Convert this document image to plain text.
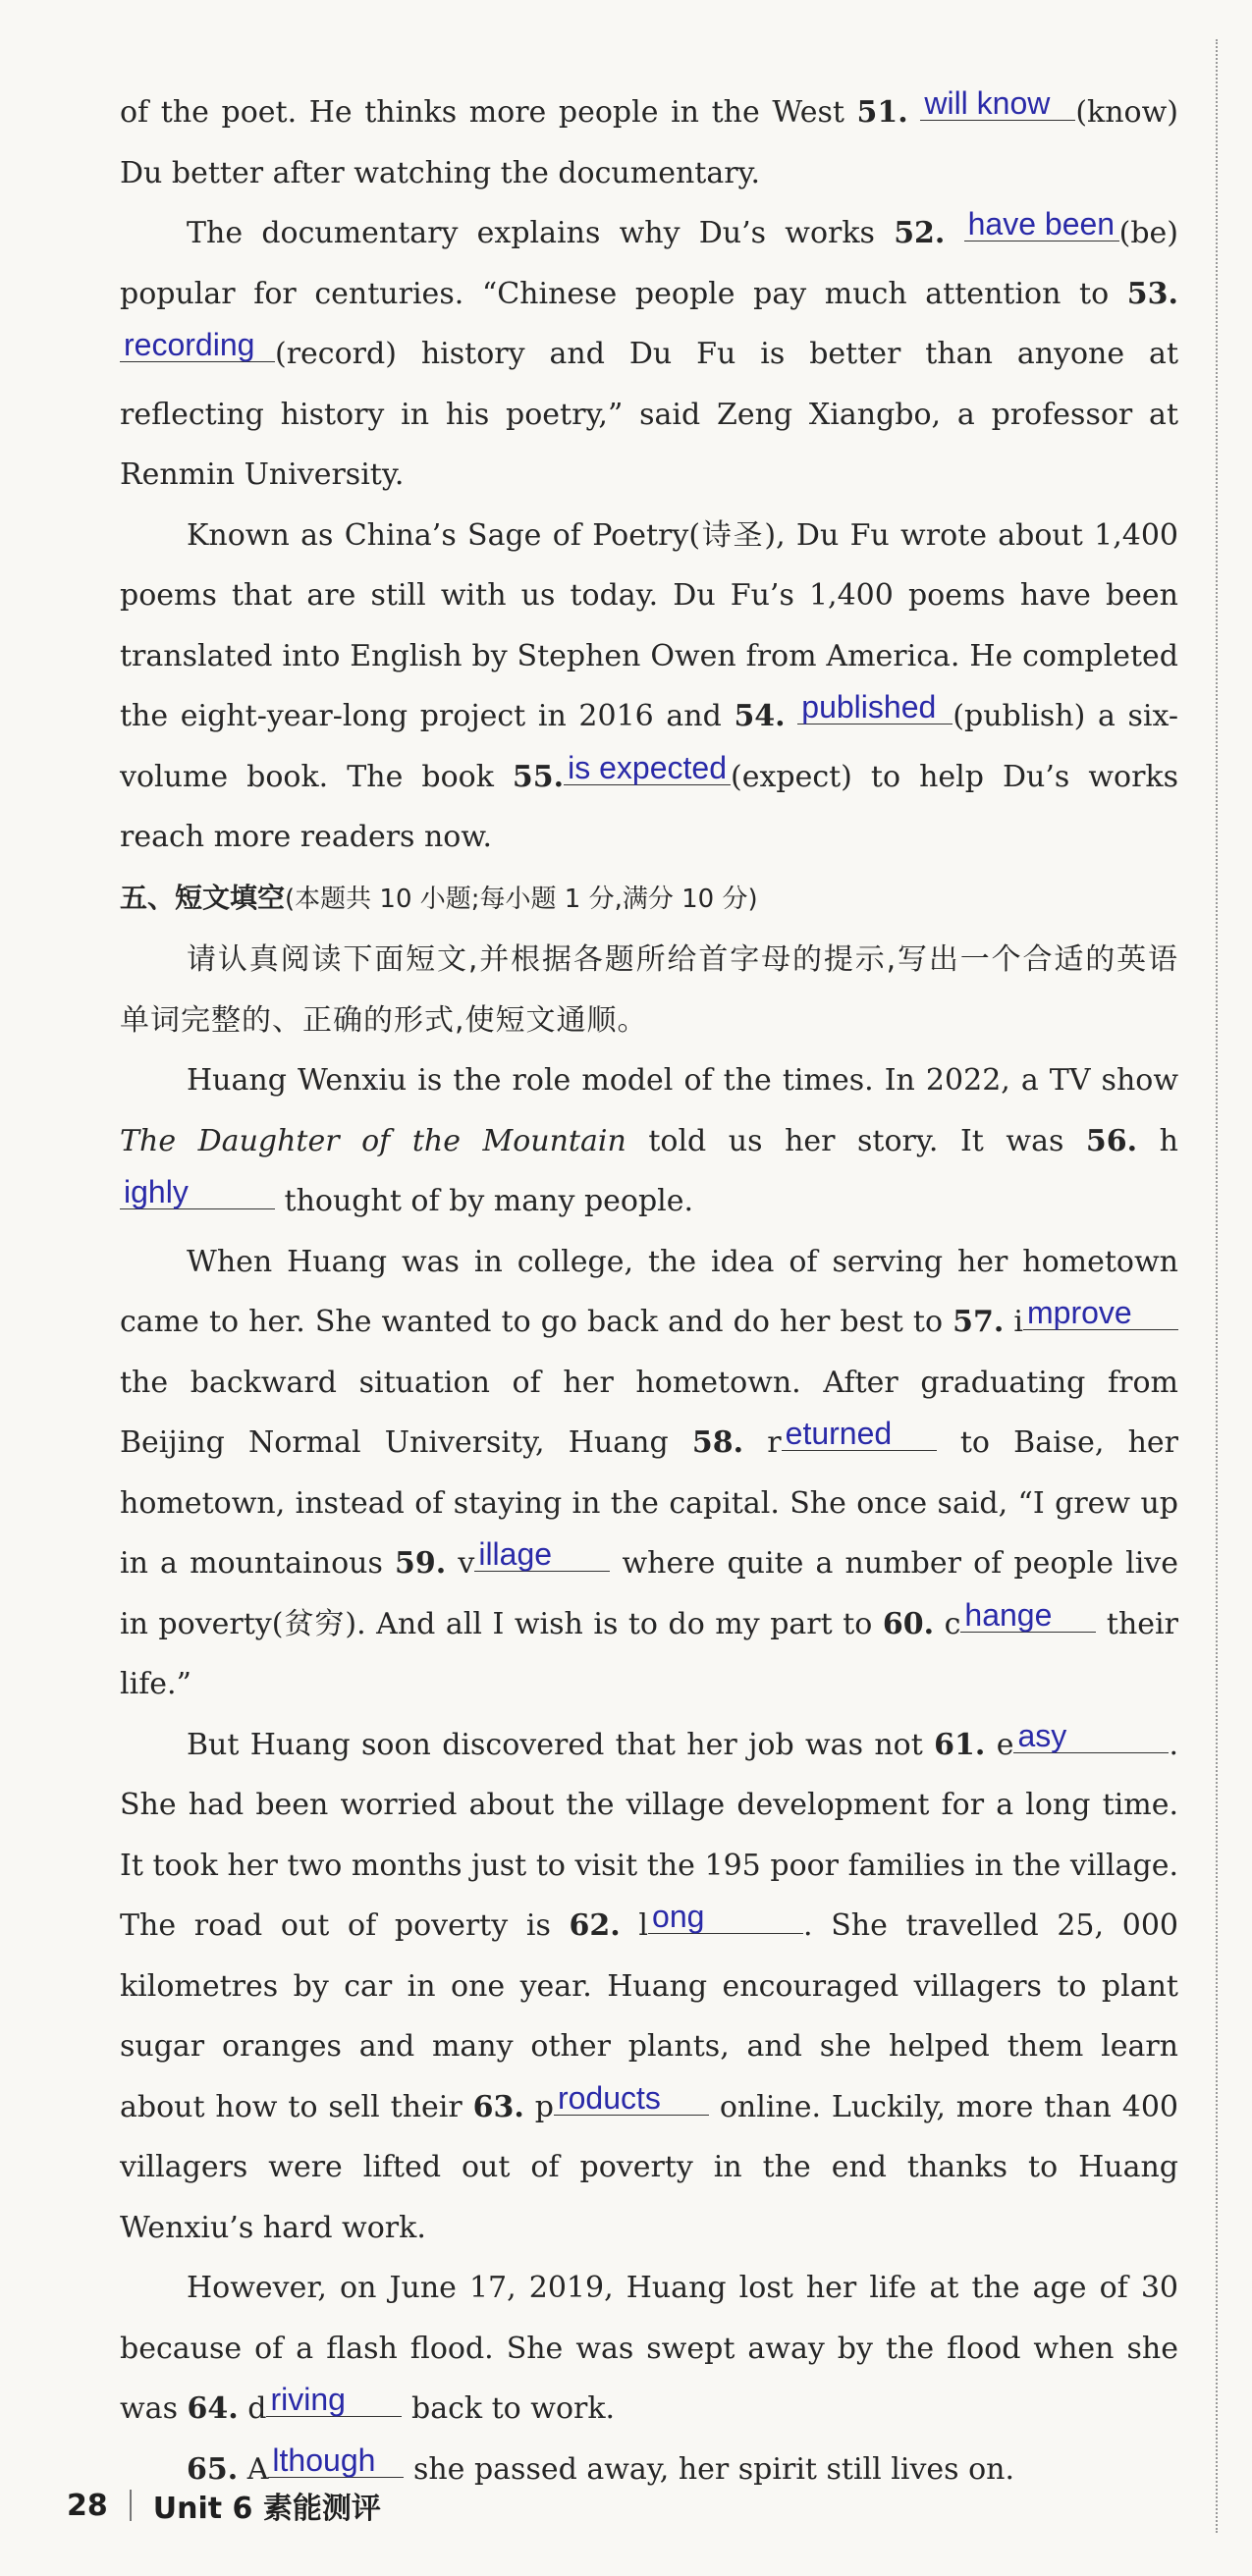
of the poet. He thinks more people in the West 51. will know (know) Du better after watching the documentary.

The documentary explains why Du’s works 52. have been (be) popular for centuries. “Chinese people pay much attention to 53. recording (record) history and Du Fu is better than anyone at reflecting history in his poetry,” said Zeng Xiangbo, a professor at Renmin University.

Known as China’s Sage of Poetry(诗圣), Du Fu wrote about 1,400 poems that are still with us today. Du Fu’s 1,400 poems have been translated into English by Stephen Owen from America. He completed the eight-year-long project in 2016 and 54. published (publish) a six-volume book. The book 55. is expected (expect) to help Du’s works reach more readers now.

五、短文填空(本题共 10 小题;每小题 1 分,满分 10 分)

请认真阅读下面短文,并根据各题所给首字母的提示,写出一个合适的英语单词完整的、正确的形式,使短文通顺。

Huang Wenxiu is the role model of the times. In 2022, a TV show The Daughter of the Mountain told us her story. It was 56. highly	thought of by many people.

When Huang was in college, the idea of serving her hometown came to her. She wanted to go back and do her best to 57. i mprove the backward situation of her hometown. After graduating from Beijing Normal University, Huang 58. r eturned to Baise, her hometown, instead of staying in the capital. She once said, “I grew up in a mountainous 59. v illage where quite a number of people live in poverty(贫穷). And all I wish is to do my part to 60. c hange their life.”

But Huang soon discovered that her job was not 61. e asy	. She had been worried about the village development for a long time. It took her two months just to visit the 195 poor families in the village. The road out of poverty is 62. l ong	. She travelled 25, 000 kilometres by car in one year. Huang encouraged villagers to plant sugar oranges and many other plants, and she helped them learn about how to sell their 63. p roducts online. Luckily, more than 400 villagers were lifted out of poverty in the end thanks to Huang Wenxiu’s hard work.

However, on June 17, 2019, Huang lost her life at the age of 30 because of a flash flood. She was swept away by the flood when she was 64. d riving back to work.

65. A lthough she passed away, her spirit still lives on.

28 Unit 6 素能测评
